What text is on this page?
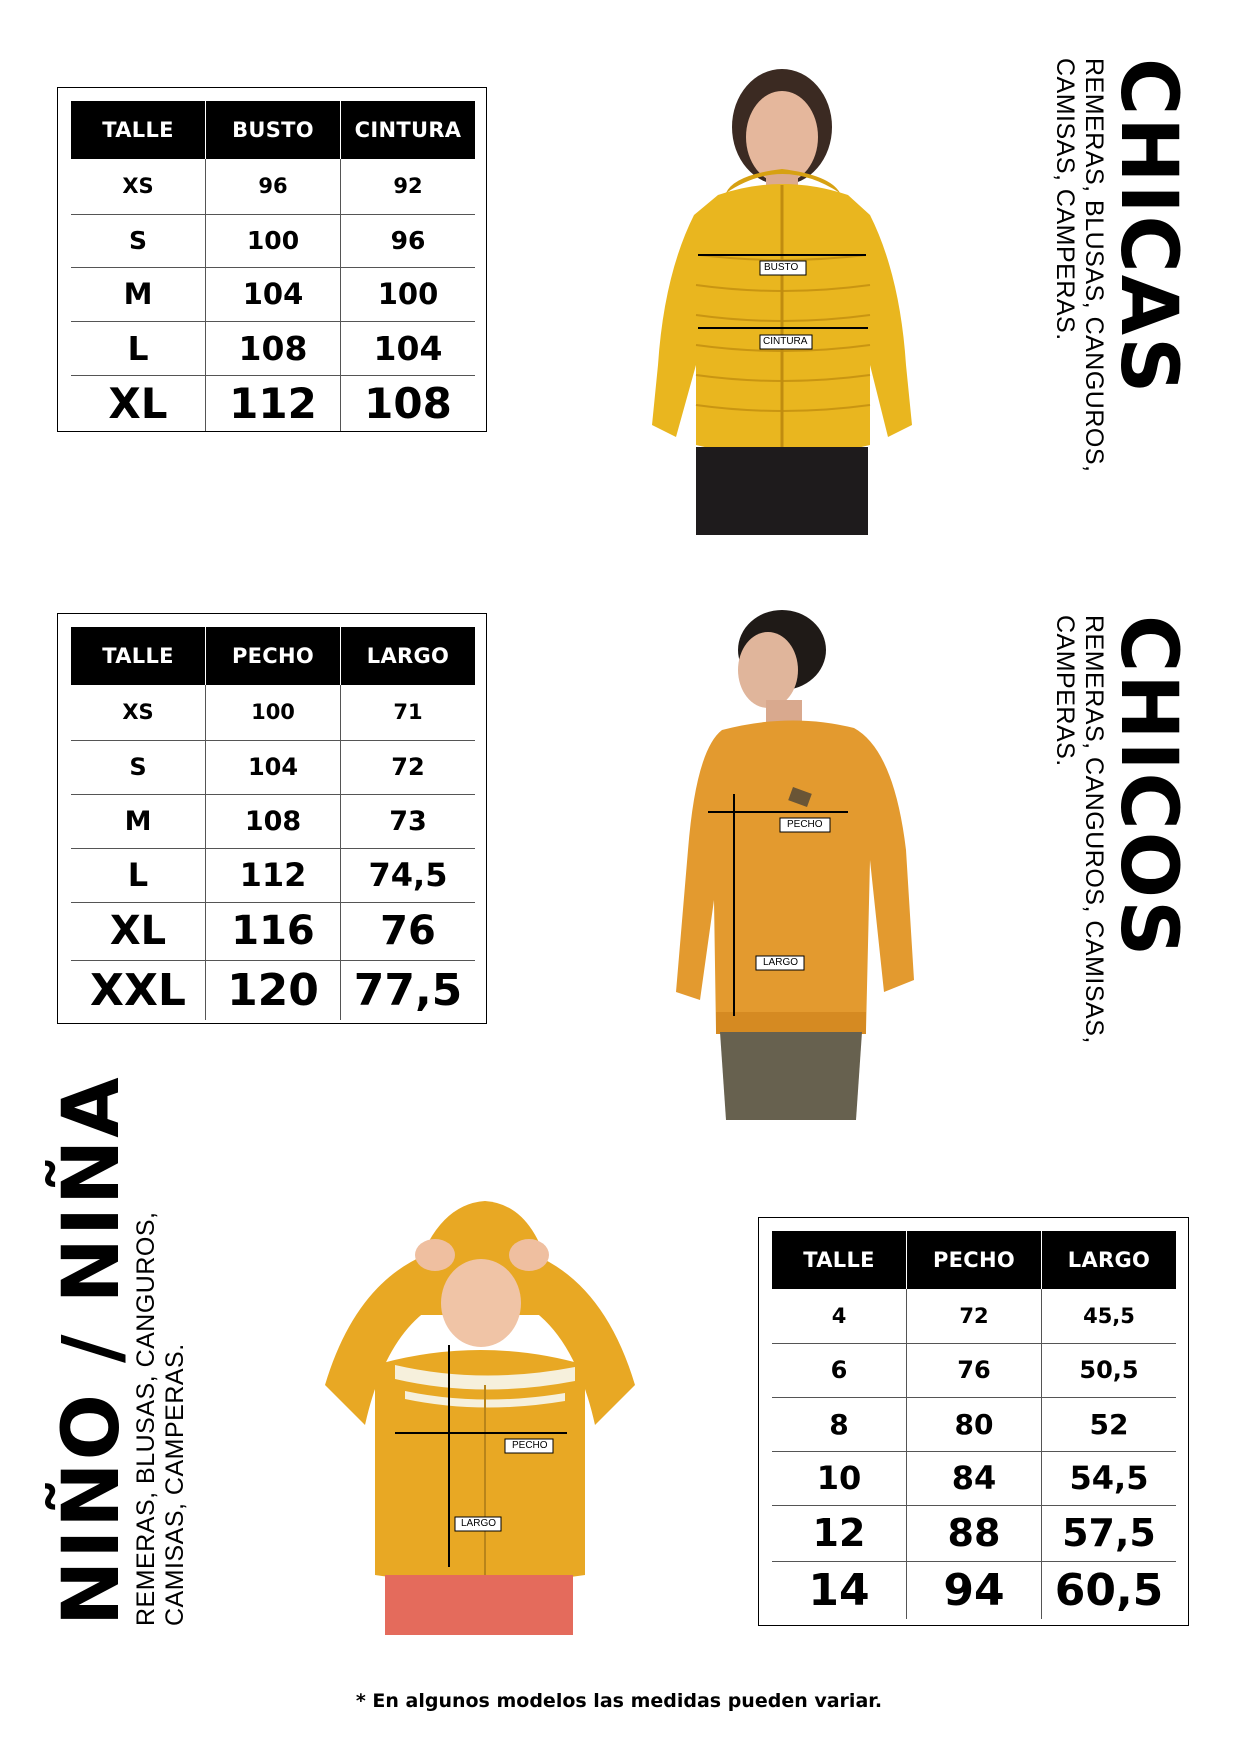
TALLE	BUSTO	CINTURA
XS	96	92
S	100	96
M	104	100
L	108	104
XL	112	108
BUSTO
CINTURA	CHICAS
REMERAS, BLUSAS, CANGUROS,
CAMISAS, CAMPERAS.
TALLE	PECHO	LARGO
XS	100	71
S	104	72
M	108	73
L	112	74,5
XL	116	76
XXL	120	77,5
PECHO
LARGO
CHICOS
REMERAS, CANGUROS, CAMISAS,
CAMPERAS.
NIÑO / NIÑA
REMERAS, BLUSAS, CANGUROS, CAMISAS, CAMPERAS.	PECHO
LARGO
TALLE	PECHO	LARGO
4	72	45,5
6	76	50,5
8	80	52
10	84	54,5
12	88	57,5
14	94	60,5
* En algunos modelos las medidas pueden variar.
